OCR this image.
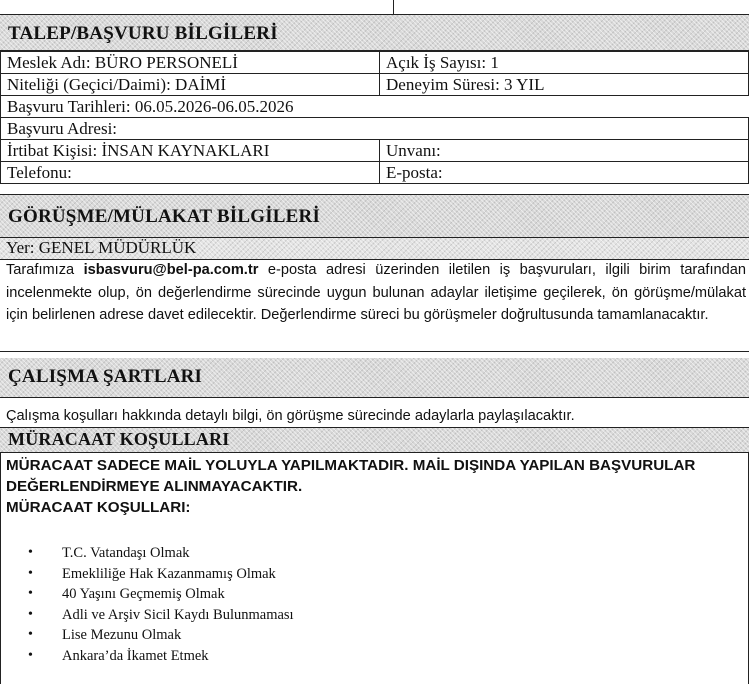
TALEP/BAŞVURU BİLGİLERİ
Meslek Adı: BÜRO PERSONELİ	Açık İş Sayısı: 1
Niteliği (Geçici/Daimi): DAİMİ	Deneyim Süresi: 3 YIL
Başvuru Tarihleri: 06.05.2026-06.05.2026	
Başvuru Adresi:	
İrtibat Kişisi: İNSAN KAYNAKLARI	Unvanı:
Telefonu:	E-posta:
GÖRÜŞME/MÜLAKAT BİLGİLERİ
Yer: GENEL MÜDÜRLÜK
Tarafımıza isbasvuru@bel-pa.com.tr e-posta adresi üzerinden iletilen iş başvuruları, ilgili birim tarafından incelenmekte olup, ön değerlendirme sürecinde uygun bulunan adaylar iletişime geçilerek, ön görüşme/mülakat için belirlenen adrese davet edilecektir. Değerlendirme süreci bu görüşmeler doğrultusunda tamamlanacaktır.
ÇALIŞMA ŞARTLARI
Çalışma koşulları hakkında detaylı bilgi, ön görüşme sürecinde adaylarla paylaşılacaktır.
MÜRACAAT KOŞULLARI
MÜRACAAT SADECE MAİL YOLUYLA YAPILMAKTADIR. MAİL DIŞINDA YAPILAN BAŞVURULAR
DEĞERLENDİRMEYE ALINMAYACAKTIR.
MÜRACAAT KOŞULLARI:
• T.C. Vatandaşı Olmak
• Emekliliğe Hak Kazanmamış Olmak
• 40 Yaşını Geçmemiş Olmak
• Adli ve Arşiv Sicil Kaydı Bulunmaması
• Lise Mezunu Olmak
• Ankara’da İkamet Etmek
